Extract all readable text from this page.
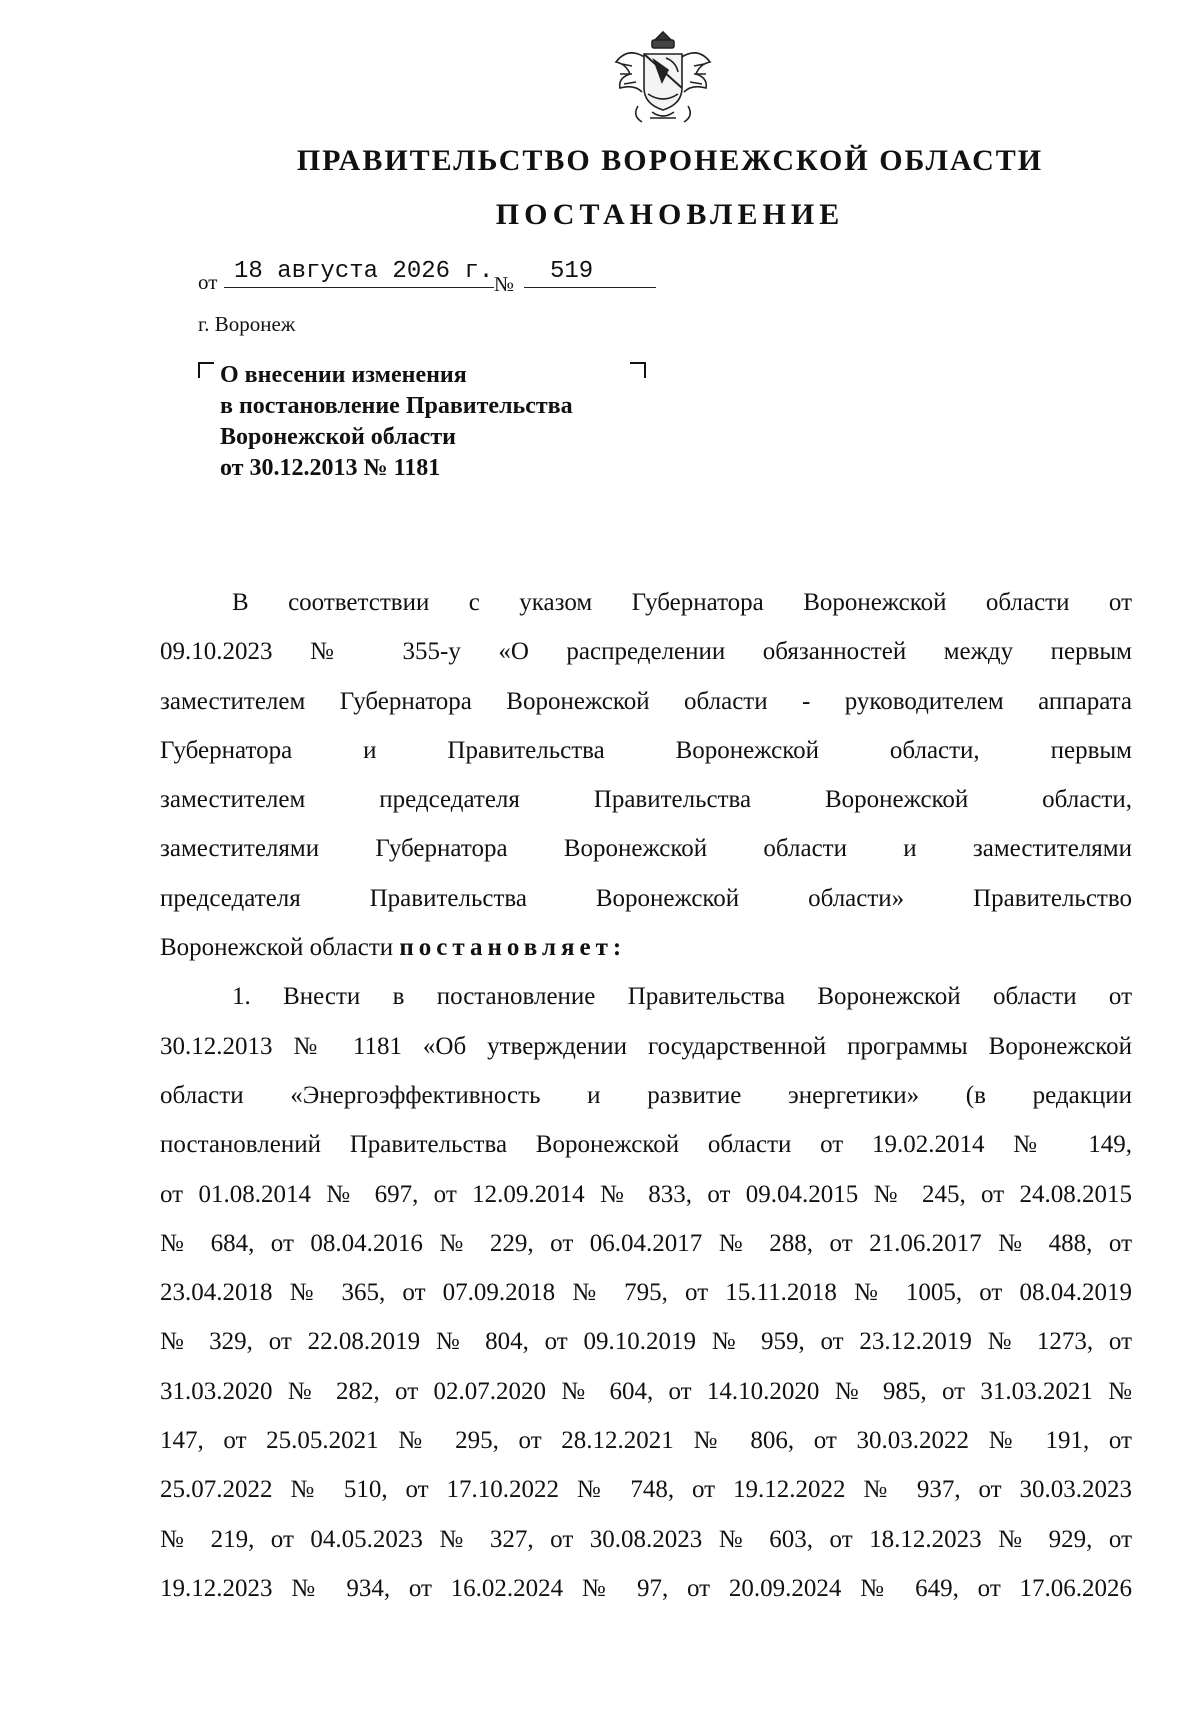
ПРАВИТЕЛЬСТВО ВОРОНЕЖСКОЙ ОБЛАСТИ
ПОСТАНОВЛЕНИЕ
от 18 августа 2026 г. №	519
г. Воронеж
О внесении изменения
в постановление Правительства
Воронежской области
от 30.12.2013 № 1181
В соответствии с указом Губернатора Воронежской области от
09.10.2023 № 355-у «О распределении обязанностей между первым
заместителем Губернатора Воронежской области - руководителем аппарата
Губернатора и Правительства Воронежской области, первым
заместителем председателя Правительства Воронежской области,
заместителями Губернатора Воронежской области и заместителями
председателя Правительства Воронежской области» Правительство
Воронежской области постановляет:
1. Внести в постановление Правительства Воронежской области от
30.12.2013 № 1181 «Об утверждении государственной программы Воронежской
области «Энергоэффективность и развитие энергетики» (в редакции
постановлений Правительства Воронежской области от 19.02.2014 № 149,
от 01.08.2014 № 697, от 12.09.2014 № 833, от 09.04.2015 № 245, от 24.08.2015
№ 684, от 08.04.2016 № 229, от 06.04.2017 № 288, от 21.06.2017 № 488, от
23.04.2018 № 365, от 07.09.2018 № 795, от 15.11.2018 № 1005, от 08.04.2019
№ 329, от 22.08.2019 № 804, от 09.10.2019 № 959, от 23.12.2019 № 1273, от
31.03.2020 № 282, от 02.07.2020 № 604, от 14.10.2020 № 985, от 31.03.2021 №
147, от 25.05.2021 № 295, от 28.12.2021 № 806, от 30.03.2022 № 191, от
25.07.2022 № 510, от 17.10.2022 № 748, от 19.12.2022 № 937, от 30.03.2023
№ 219, от 04.05.2023 № 327, от 30.08.2023 № 603, от 18.12.2023 № 929, от
19.12.2023 № 934, от 16.02.2024 № 97, от 20.09.2024 № 649, от 17.06.2026
